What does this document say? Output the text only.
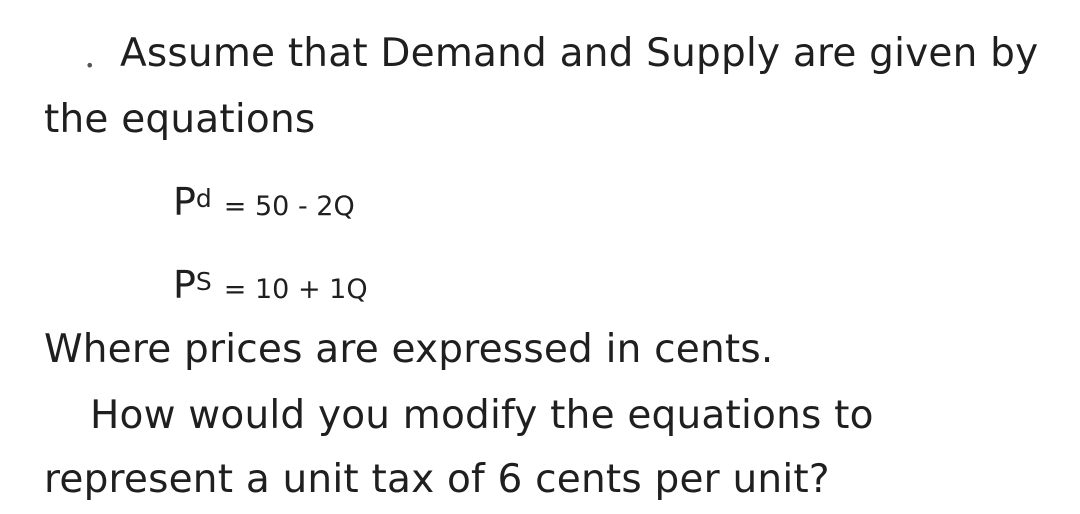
• Assume that Demand and Supply are given by
the equations
$P^d = 50 - 2Q$
$P^S = 10 + 1Q$
Where prices are expressed in cents.
How would you modify the equations to
represent a unit tax of 6 cents per unit?
